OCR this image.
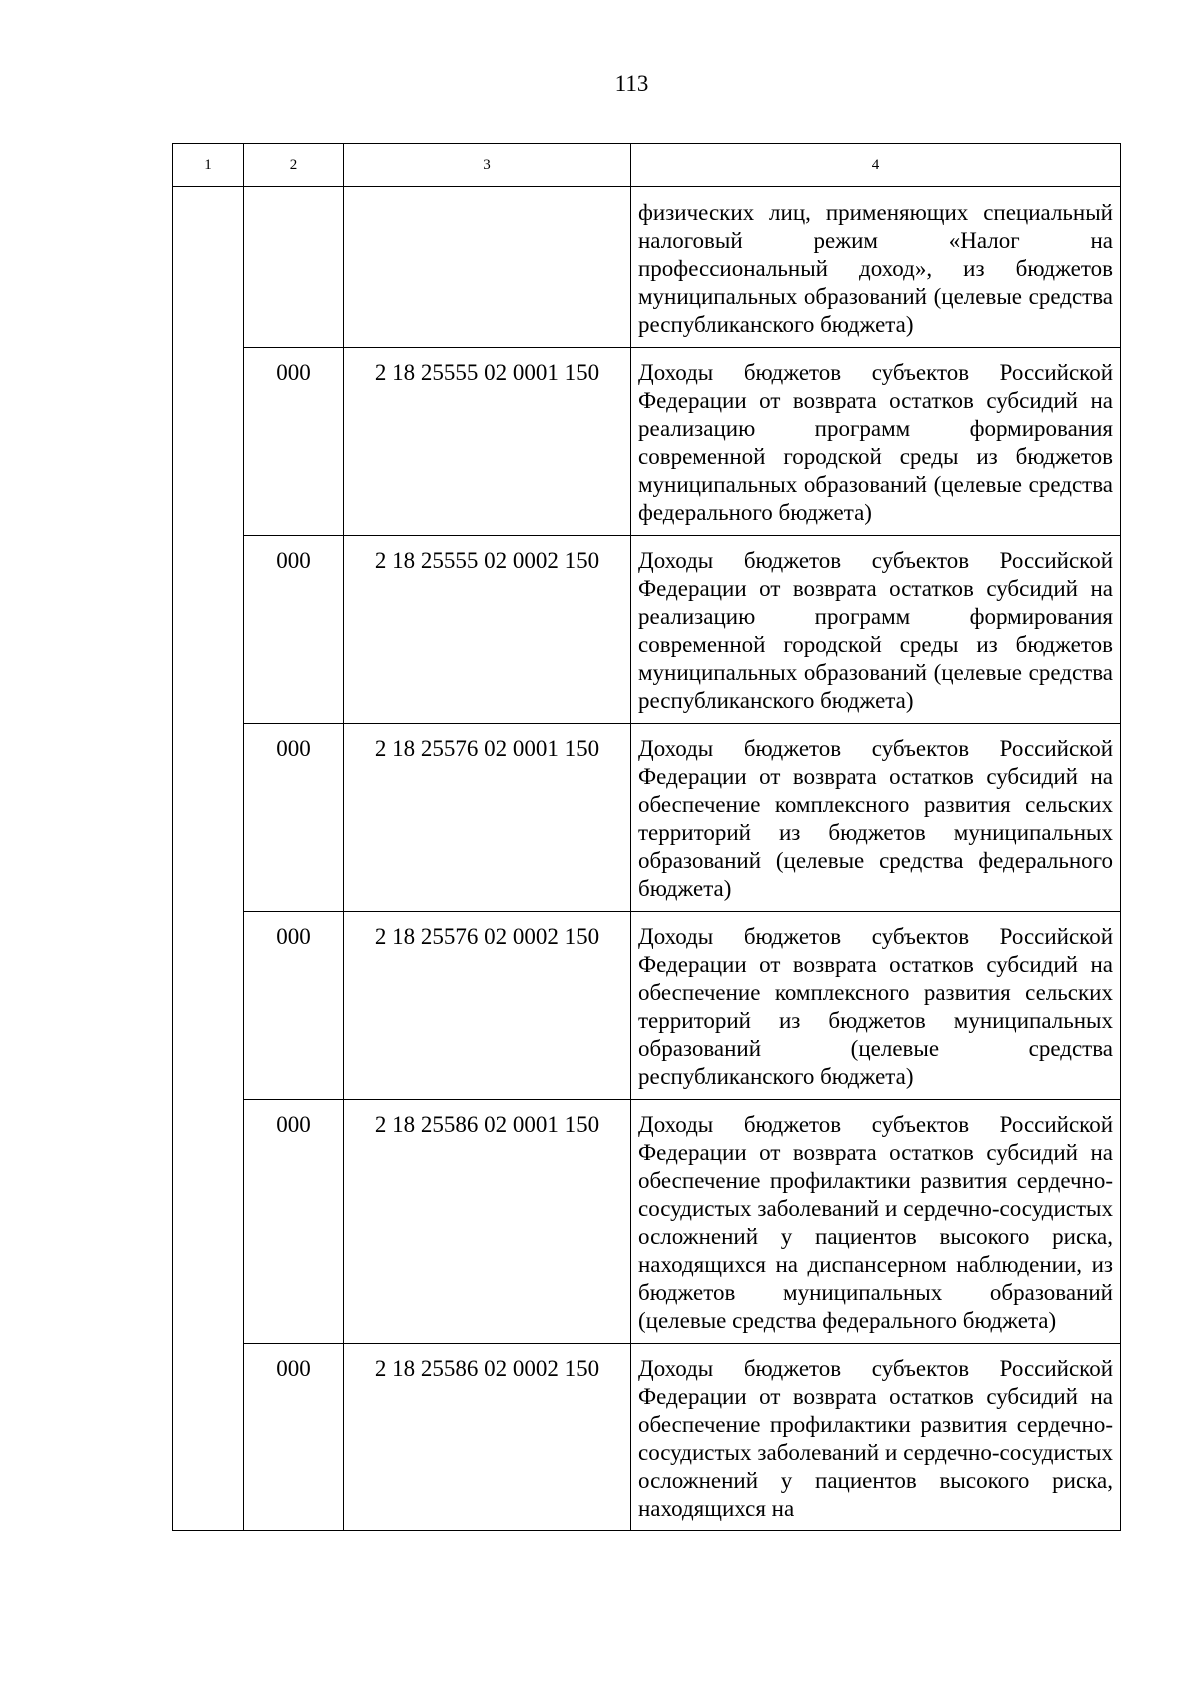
113
1	2	3	4
			физических лиц, применяющих специальный налоговый режим «Налог на профессиональный доход», из бюджетов муниципальных образований (целевые средства республиканского бюджета)
	000	2 18 25555 02 0001 150	Доходы бюджетов субъектов Российской Федерации от возврата остатков субсидий на реализацию программ формирования современной городской среды из бюджетов муниципальных образований (целевые средства федерального бюджета)
	000	2 18 25555 02 0002 150	Доходы бюджетов субъектов Российской Федерации от возврата остатков субсидий на реализацию программ формирования современной городской среды из бюджетов муниципальных образований (целевые средства республиканского бюджета)
	000	2 18 25576 02 0001 150	Доходы бюджетов субъектов Российской Федерации от возврата остатков субсидий на обеспечение комплексного развития сельских территорий из бюджетов муниципальных образований (целевые средства федерального бюджета)
	000	2 18 25576 02 0002 150	Доходы бюджетов субъектов Российской Федерации от возврата остатков субсидий на обеспечение комплексного развития сельских территорий из бюджетов муниципальных образований (целевые средства республиканского бюджета)
	000	2 18 25586 02 0001 150	Доходы бюджетов субъектов Российской Федерации от возврата остатков субсидий на обеспечение профилактики развития сердечно-сосудистых заболеваний и сердечно-сосудистых осложнений у пациентов высокого риска, находящихся на диспансерном наблюдении, из бюджетов муниципальных образований (целевые средства федерального бюджета)
	000	2 18 25586 02 0002 150	Доходы бюджетов субъектов Российской Федерации от возврата остатков субсидий на обеспечение профилактики развития сердечно-сосудистых заболеваний и сердечно-сосудистых осложнений у пациентов высокого риска, находящихся на
